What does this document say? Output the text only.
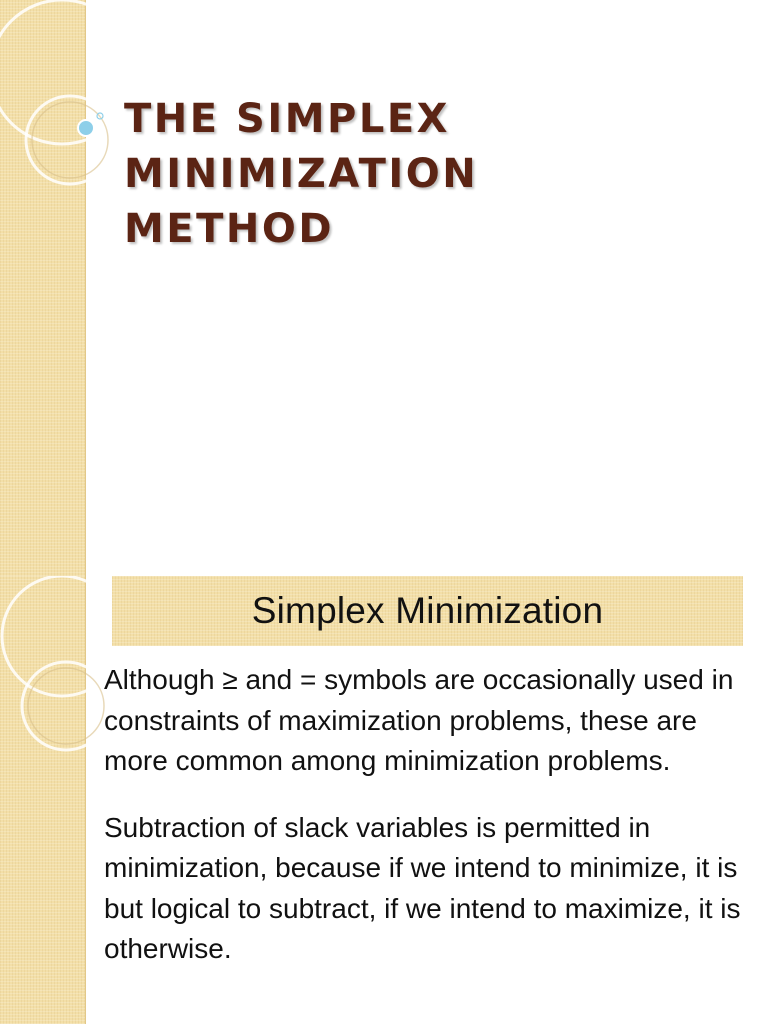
THE SIMPLEX
MINIMIZATION
METHOD
Simplex Minimization

Although ≥ and = symbols are occasionally used in constraints of maximization problems, these are more common among minimization problems.

Subtraction of slack variables is permitted in minimization, because if we intend to minimize, it is but logical to subtract, if we intend to maximize, it is otherwise.
